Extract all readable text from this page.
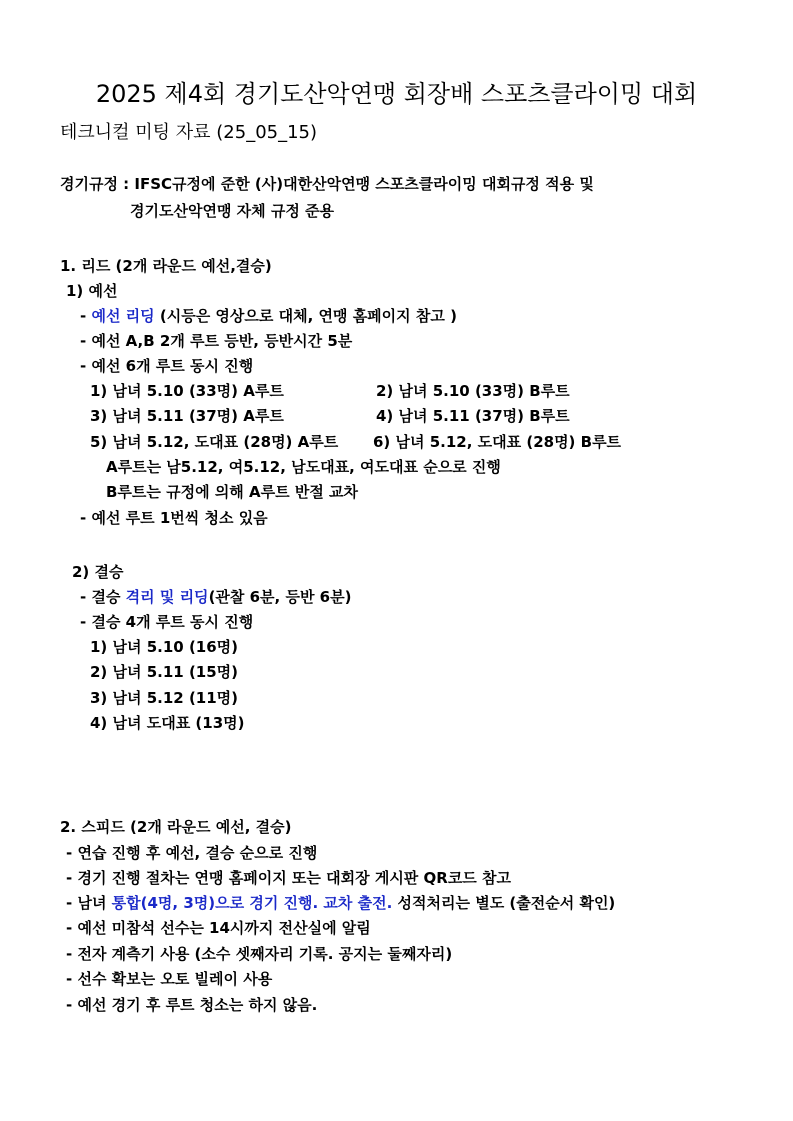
2025 제4회 경기도산악연맹 회장배 스포츠클라이밍 대회
테크니컬 미팅 자료 (25_05_15)
경기규정 : IFSC규정에 준한 (사)대한산악연맹 스포츠클라이밍 대회규정 적용 및
경기도산악연맹 자체 규정 준용
1. 리드 (2개 라운드 예선,결승)
1) 예선
- 예선 리딩 (시등은 영상으로 대체, 연맹 홈페이지 참고 )
- 예선 A,B 2개 루트 등반, 등반시간 5분
- 예선 6개 루트 동시 진행
1) 남녀 5.10 (33명) A루트	2) 남녀 5.10 (33명) B루트
3) 남녀 5.11 (37명) A루트	4) 남녀 5.11 (37명) B루트
5) 남녀 5.12, 도대표 (28명) A루트 6) 남녀 5.12, 도대표 (28명) B루트
A루트는 남5.12, 여5.12, 남도대표, 여도대표 순으로 진행
B루트는 규정에 의해 A루트 반절 교차
- 예선 루트 1번씩 청소 있음
2) 결승
- 결승 격리 및 리딩(관찰 6분, 등반 6분)
- 결승 4개 루트 동시 진행
1) 남녀 5.10 (16명)
2) 남녀 5.11 (15명)
3) 남녀 5.12 (11명)
4) 남녀 도대표 (13명)
2. 스피드 (2개 라운드 예선, 결승)
- 연습 진행 후 예선, 결승 순으로 진행
- 경기 진행 절차는 연맹 홈페이지 또는 대회장 게시판 QR코드 참고
- 남녀 통합(4명, 3명)으로 경기 진행. 교차 출전. 성적처리는 별도 (출전순서 확인)
- 예선 미참석 선수는 14시까지 전산실에 알림
- 전자 계측기 사용 (소수 셋째자리 기록. 공지는 둘째자리)
- 선수 확보는 오토 빌레이 사용
- 예선 경기 후 루트 청소는 하지 않음.
